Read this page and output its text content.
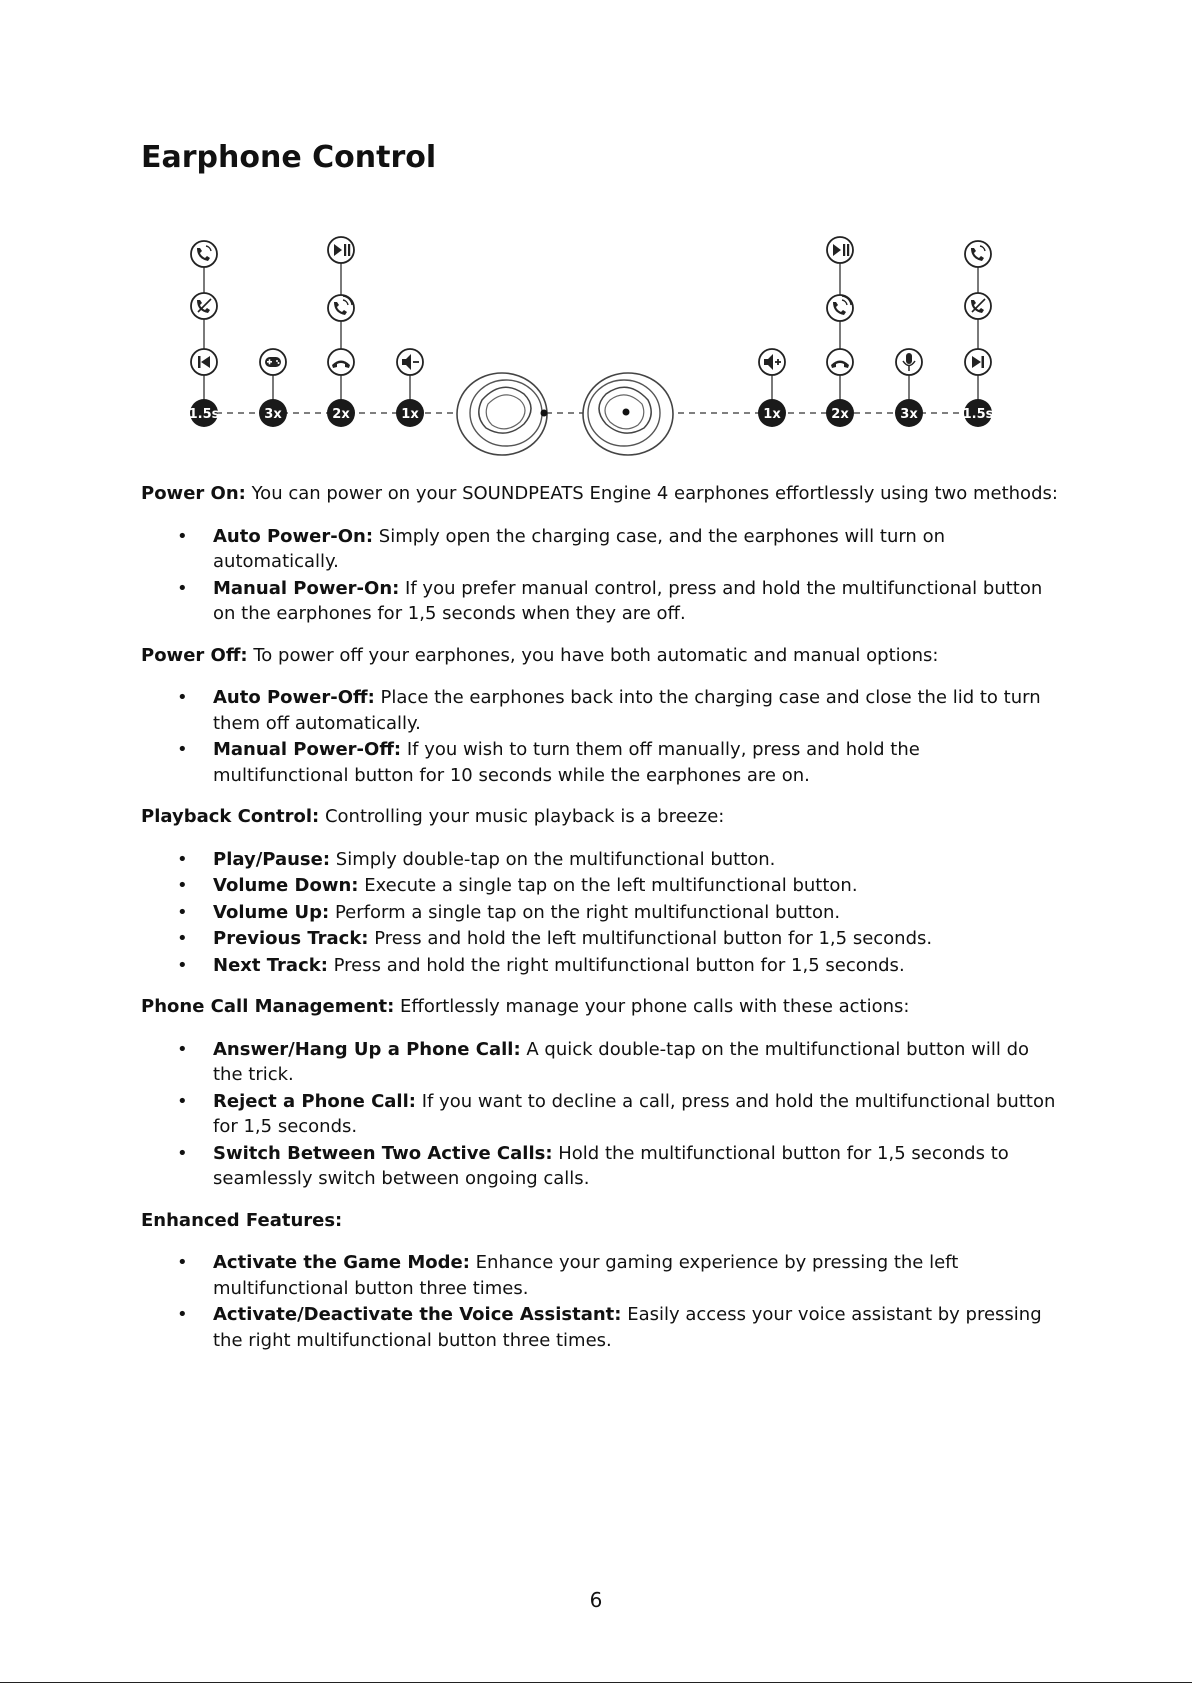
Earphone Control
1.5s	3x	2x	1x	1x	2x	3x	1.5s

Power On: You can power on your SOUNDPEATS Engine 4 earphones effortlessly using two methods:

• Auto Power-On: Simply open the charging case, and the earphones will turn on automatically.
• Manual Power-On: If you prefer manual control, press and hold the multifunctional button on the earphones for 1,5 seconds when they are off.

Power Off: To power off your earphones, you have both automatic and manual options:

• Auto Power-Off: Place the earphones back into the charging case and close the lid to turn them off automatically.
• Manual Power-Off: If you wish to turn them off manually, press and hold the multifunctional button for 10 seconds while the earphones are on.

Playback Control: Controlling your music playback is a breeze:

• Play/Pause: Simply double-tap on the multifunctional button.
• Volume Down: Execute a single tap on the left multifunctional button.
• Volume Up: Perform a single tap on the right multifunctional button.
• Previous Track: Press and hold the left multifunctional button for 1,5 seconds.
• Next Track: Press and hold the right multifunctional button for 1,5 seconds.

Phone Call Management: Effortlessly manage your phone calls with these actions:

• Answer/Hang Up a Phone Call: A quick double-tap on the multifunctional button will do the trick.
• Reject a Phone Call: If you want to decline a call, press and hold the multifunctional button for 1,5 seconds.
• Switch Between Two Active Calls: Hold the multifunctional button for 1,5 seconds to seamlessly switch between ongoing calls.

Enhanced Features:

• Activate the Game Mode: Enhance your gaming experience by pressing the left multifunctional button three times.
• Activate/Deactivate the Voice Assistant: Easily access your voice assistant by pressing the right multifunctional button three times.
6
